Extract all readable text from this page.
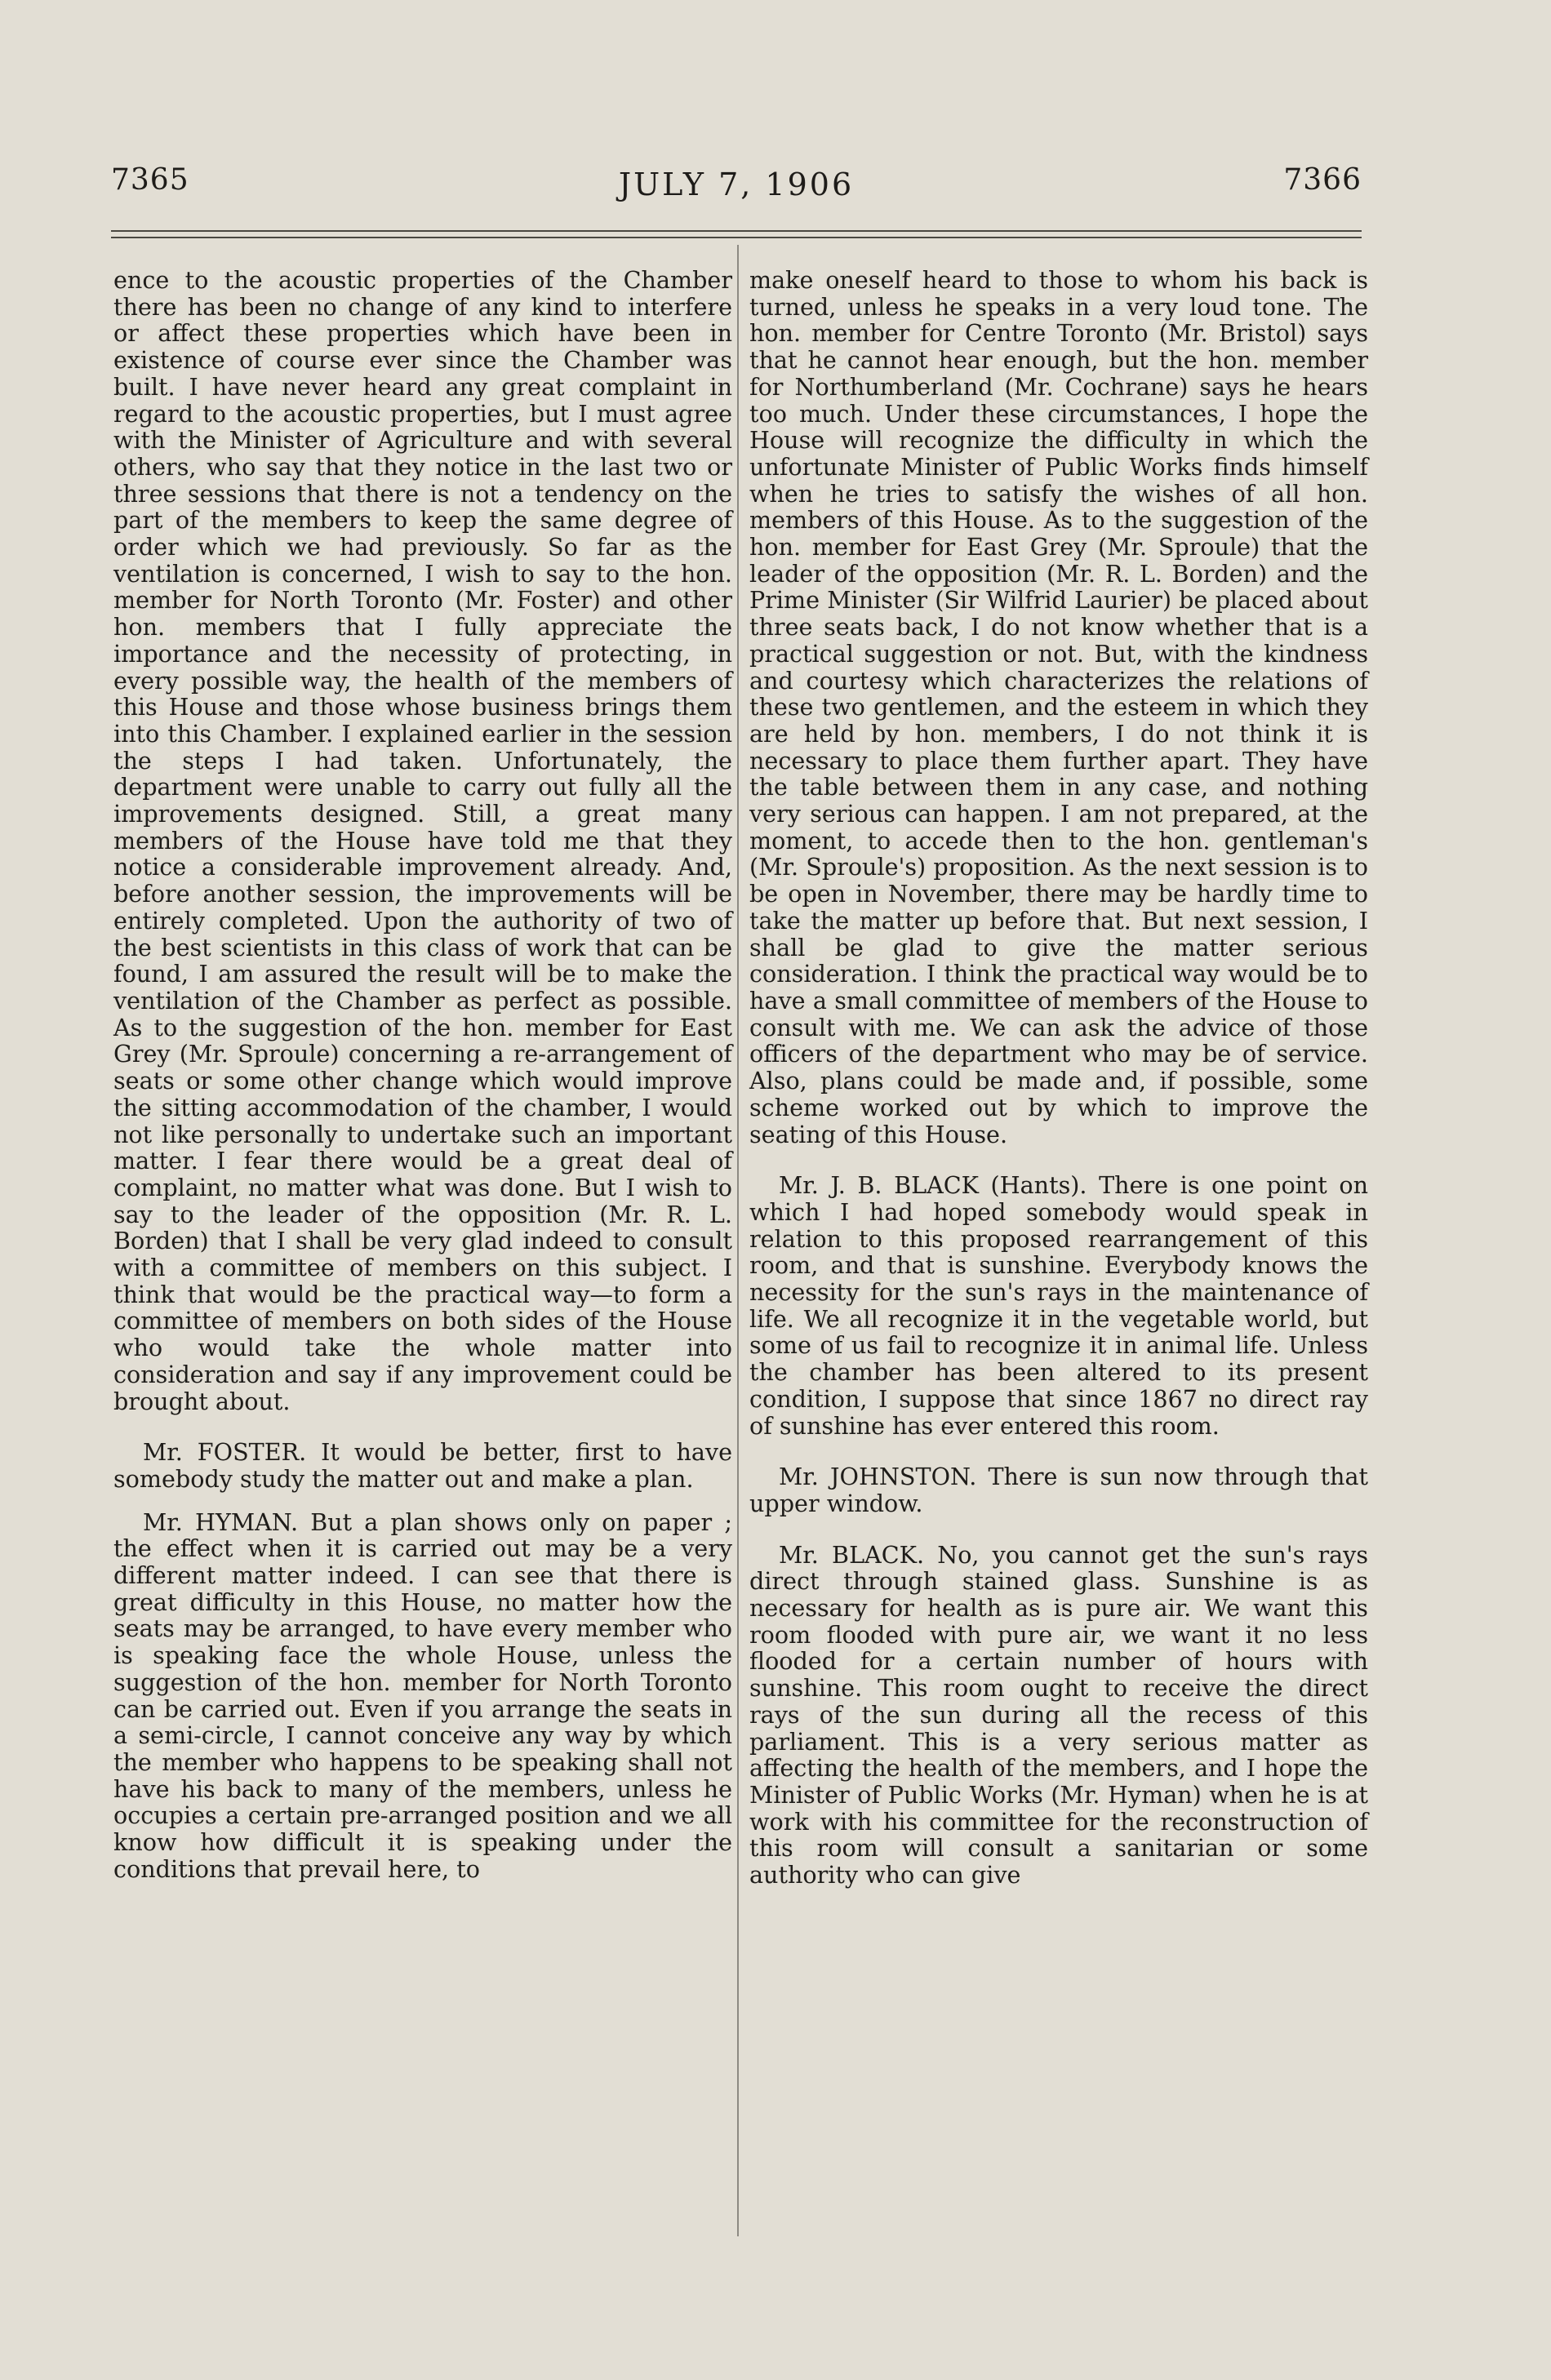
7365	JULY 7, 1906	7366

ence to the acoustic properties of the Chamber there has been no change of any kind to interfere or affect these properties which have been in existence of course ever since the Chamber was built. I have never heard any great complaint in regard to the acoustic properties, but I must agree with the Minister of Agriculture and with several others, who say that they notice in the last two or three sessions that there is not a tendency on the part of the members to keep the same degree of order which we had previously. So far as the ventilation is concerned, I wish to say to the hon. member for North Toronto (Mr. Foster) and other hon. members that I fully appreciate the importance and the necessity of protecting, in every possible way, the health of the members of this House and those whose business brings them into this Chamber. I explained earlier in the session the steps I had taken. Unfortunately, the department were unable to carry out fully all the improvements designed. Still, a great many members of the House have told me that they notice a considerable improvement already. And, before another session, the improvements will be entirely completed. Upon the authority of two of the best scientists in this class of work that can be found, I am assured the result will be to make the ventilation of the Chamber as perfect as possible. As to the suggestion of the hon. member for East Grey (Mr. Sproule) concerning a re-arrangement of seats or some other change which would improve the sitting accommodation of the chamber, I would not like personally to undertake such an important matter. I fear there would be a great deal of complaint, no matter what was done. But I wish to say to the leader of the opposition (Mr. R. L. Borden) that I shall be very glad indeed to consult with a committee of members on this subject. I think that would be the practical way—to form a committee of members on both sides of the House who would take the whole matter into consideration and say if any improvement could be brought about.

Mr. FOSTER. It would be better, first to have somebody study the matter out and make a plan.

Mr. HYMAN. But a plan shows only on paper ; the effect when it is carried out may be a very different matter indeed. I can see that there is great difficulty in this House, no matter how the seats may be arranged, to have every member who is speaking face the whole House, unless the suggestion of the hon. member for North Toronto can be carried out. Even if you arrange the seats in a semi-circle, I cannot conceive any way by which the member who happens to be speaking shall not have his back to many of the members, unless he occupies a certain pre-arranged position and we all know how difficult it is speaking under the conditions that prevail here, to

make oneself heard to those to whom his back is turned, unless he speaks in a very loud tone. The hon. member for Centre Toronto (Mr. Bristol) says that he cannot hear enough, but the hon. member for Northumberland (Mr. Cochrane) says he hears too much. Under these circumstances, I hope the House will recognize the difficulty in which the unfortunate Minister of Public Works finds himself when he tries to satisfy the wishes of all hon. members of this House. As to the suggestion of the hon. member for East Grey (Mr. Sproule) that the leader of the opposition (Mr. R. L. Borden) and the Prime Minister (Sir Wilfrid Laurier) be placed about three seats back, I do not know whether that is a practical suggestion or not. But, with the kindness and courtesy which characterizes the relations of these two gentlemen, and the esteem in which they are held by hon. members, I do not think it is necessary to place them further apart. They have the table between them in any case, and nothing very serious can happen. I am not prepared, at the moment, to accede then to the hon. gentleman's (Mr. Sproule's) proposition. As the next session is to be open in November, there may be hardly time to take the matter up before that. But next session, I shall be glad to give the matter serious consideration. I think the practical way would be to have a small committee of members of the House to consult with me. We can ask the advice of those officers of the department who may be of service. Also, plans could be made and, if possible, some scheme worked out by which to improve the seating of this House.

Mr. J. B. BLACK (Hants). There is one point on which I had hoped somebody would speak in relation to this proposed rearrangement of this room, and that is sunshine. Everybody knows the necessity for the sun's rays in the maintenance of life. We all recognize it in the vegetable world, but some of us fail to recognize it in animal life. Unless the chamber has been altered to its present condition, I suppose that since 1867 no direct ray of sunshine has ever entered this room.

Mr. JOHNSTON. There is sun now through that upper window.

Mr. BLACK. No, you cannot get the sun's rays direct through stained glass. Sunshine is as necessary for health as is pure air. We want this room flooded with pure air, we want it no less flooded for a certain number of hours with sunshine. This room ought to receive the direct rays of the sun during all the recess of this parliament. This is a very serious matter as affecting the health of the members, and I hope the Minister of Public Works (Mr. Hyman) when he is at work with his committee for the reconstruction of this room will consult a sanitarian or some authority who can give
